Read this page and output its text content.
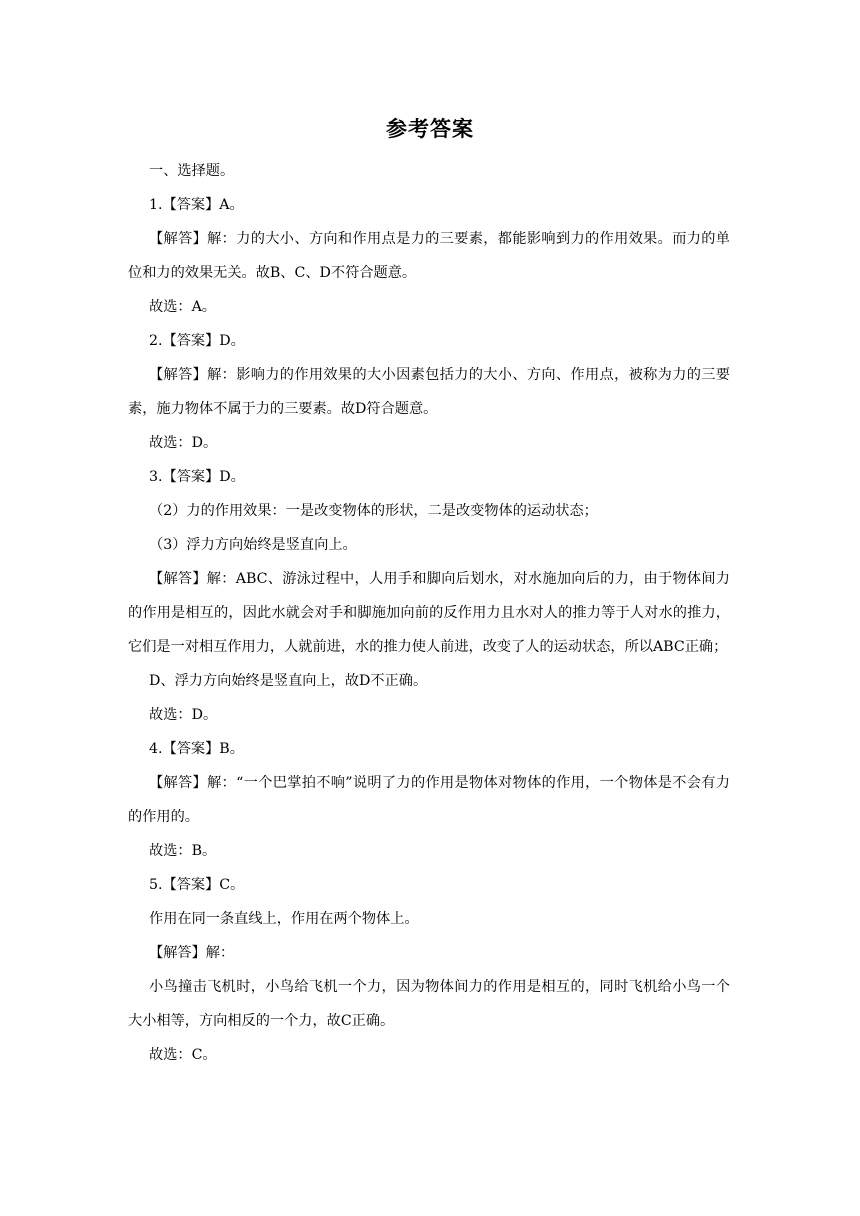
参考答案

一、选择题。

1.【答案】A。

【解答】解：力的大小、方向和作用点是力的三要素，都能影响到力的作用效果。而力的单位和力的效果无关。故B、C、D不符合题意。

故选：A。

2.【答案】D。

【解答】解：影响力的作用效果的大小因素包括力的大小、方向、作用点，被称为力的三要素，施力物体不属于力的三要素。故D符合题意。

故选：D。

3.【答案】D。

（2）力的作用效果：一是改变物体的形状，二是改变物体的运动状态；

（3）浮力方向始终是竖直向上。

【解答】解：ABC、游泳过程中，人用手和脚向后划水，对水施加向后的力，由于物体间力的作用是相互的，因此水就会对手和脚施加向前的反作用力且水对人的推力等于人对水的推力，它们是一对相互作用力，人就前进，水的推力使人前进，改变了人的运动状态，所以ABC正确；

D、浮力方向始终是竖直向上，故D不正确。

故选：D。

4.【答案】B。

【解答】解：“一个巴掌拍不响”说明了力的作用是物体对物体的作用，一个物体是不会有力的作用的。

故选：B。

5.【答案】C。

作用在同一条直线上，作用在两个物体上。

【解答】解：

小鸟撞击飞机时，小鸟给飞机一个力，因为物体间力的作用是相互的，同时飞机给小鸟一个大小相等，方向相反的一个力，故C正确。

故选：C。
